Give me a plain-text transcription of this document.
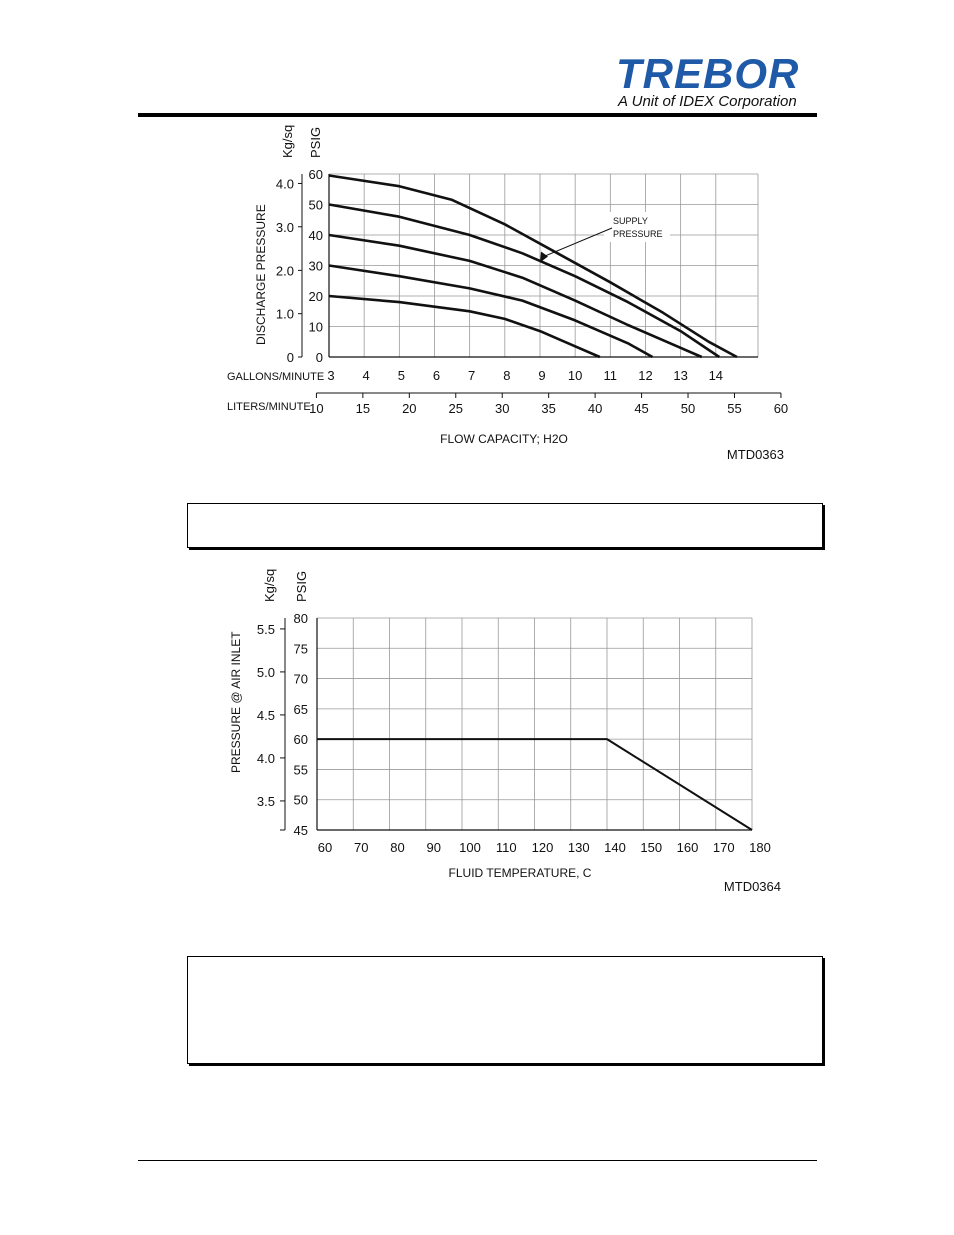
TREBOR
A Unit of IDEX Corporation
3 4 5 6 7 8 9 10 11 12 13 14
0
10
20
30
40
50
60
0
1.0
2.0
3.0
4.0
10 15 20 25 30 35 40 45 50 55 60
Kg/sq PSIG
DISCHARGE PRESSURE
GALLONS/MINUTE
LITERS/MINUTE
FLOW CAPACITY; H2O
MTD0363
SUPPLY
PRESSURE
60 70 80 90 100 110 120 130 140 150 160 170 180
45
50
55
60
65
70
75
80
3.5
4.0
4.5
5.0
5.5
Kg/sq PSIG
PRESSURE @ AIR INLET
FLUID TEMPERATURE, C
MTD0364
